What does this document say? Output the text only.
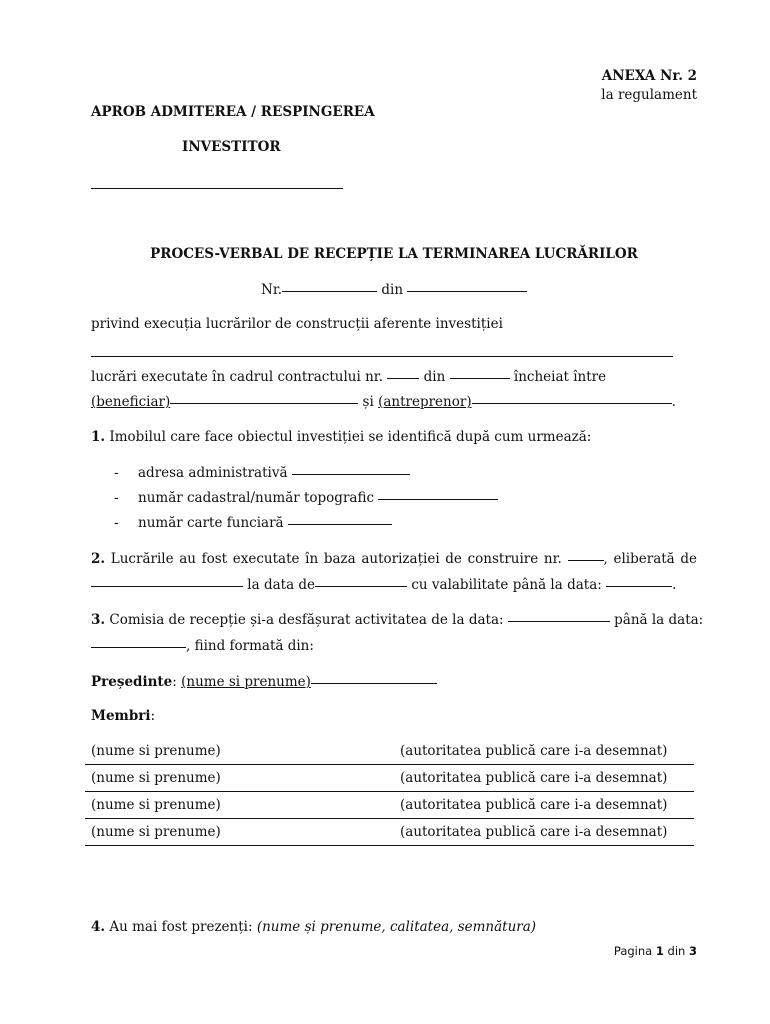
ANEXA Nr. 2
la regulament
APROB ADMITEREA / RESPINGEREA
INVESTITOR
PROCES-VERBAL DE RECEPȚIE LA TERMINAREA LUCRĂRILOR
Nr.	din
privind execuția lucrărilor de construcții aferente investiției
lucrări executate în cadrul contractului nr.	din	încheiat între
(beneficiar)	și (antreprenor)	.
1. Imobilul care face obiectul investiției se identifică după cum urmează:
- adresa administrativă
- număr cadastral/număr topografic
- număr carte funciară
2. Lucrările au fost executate în baza autorizației de construire nr.	, eliberată de
la data de	cu valabilitate până la data:	.
3. Comisia de recepție și-a desfășurat activitatea de la data:	până la data:
, fiind formată din:
Președinte: (nume si prenume)
Membri:
(nume si prenume)	(autoritatea publică care i-a desemnat)
(nume si prenume)	(autoritatea publică care i-a desemnat)
(nume si prenume)	(autoritatea publică care i-a desemnat)
(nume si prenume)	(autoritatea publică care i-a desemnat)
4. Au mai fost prezenți: (nume și prenume, calitatea, semnătura)
Pagina 1 din 3
